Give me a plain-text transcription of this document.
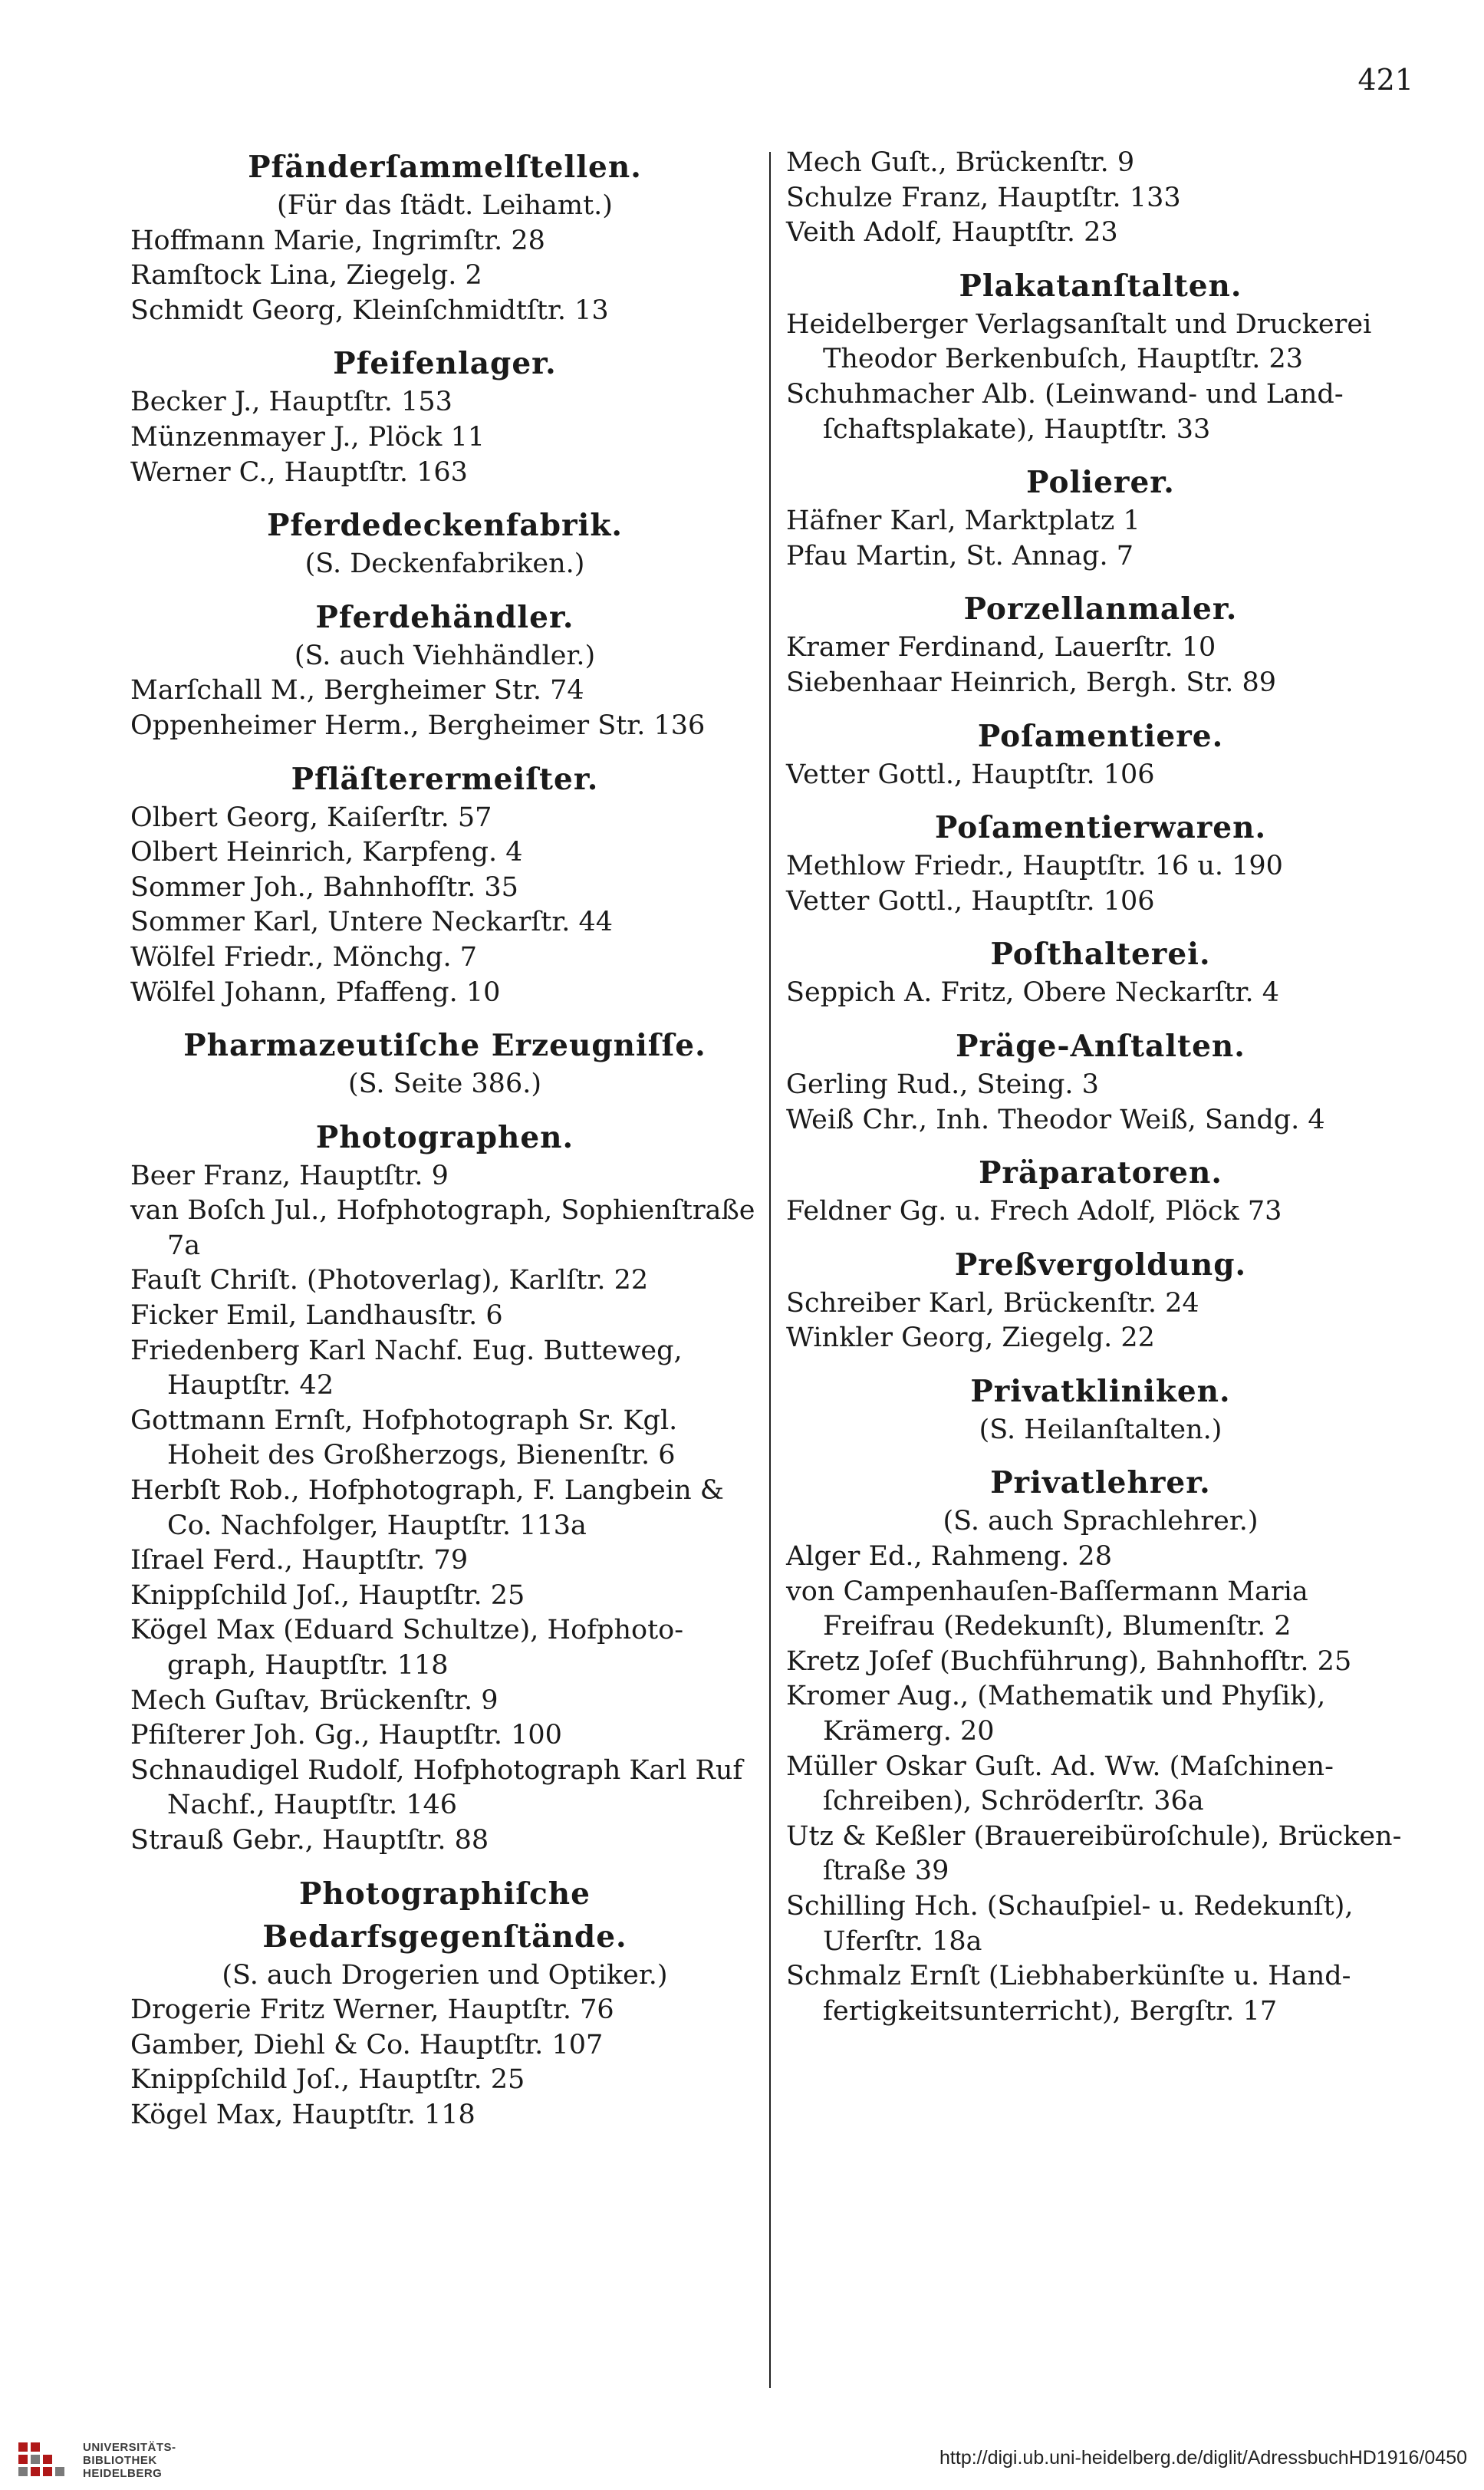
421
Pfänderſammelſtellen.
(Für das ſtädt. Leihamt.)
Hoffmann Marie, Ingrimſtr. 28
Ramſtock Lina, Ziegelg. 2
Schmidt Georg, Kleinſchmidtſtr. 13
Pfeifenlager.
Becker J., Hauptſtr. 153
Münzenmayer J., Plöck 11
Werner C., Hauptſtr. 163
Pferdedeckenfabrik.
(S. Deckenfabriken.)
Pferdehändler.
(S. auch Viehhändler.)
Marſchall M., Bergheimer Str. 74
Oppenheimer Herm., Bergheimer Str. 136
Pfläſterermeiſter.
Olbert Georg, Kaiſerſtr. 57
Olbert Heinrich, Karpfeng. 4
Sommer Joh., Bahnhofſtr. 35
Sommer Karl, Untere Neckarſtr. 44
Wölfel Friedr., Mönchg. 7
Wölfel Johann, Pfaffeng. 10
Pharmazeutiſche Erzeugniſſe.
(S. Seite 386.)
Photographen.
Beer Franz, Hauptſtr. 9
van Boſch Jul., Hofphotograph, Sophienſtraße 7a
Fauſt Chriſt. (Photoverlag), Karlſtr. 22
Ficker Emil, Landhausſtr. 6
Friedenberg Karl Nachf. Eug. Butteweg, Hauptſtr. 42
Gottmann Ernſt, Hofphotograph Sr. Kgl. Hoheit des Großherzogs, Bienenſtr. 6
Herbſt Rob., Hofphotograph, F. Langbein & Co. Nachfolger, Hauptſtr. 113a
Iſrael Ferd., Hauptſtr. 79
Knippſchild Joſ., Hauptſtr. 25
Kögel Max (Eduard Schultze), Hofphotograph, Hauptſtr. 118
Mech Guſtav, Brückenſtr. 9
Pfiſterer Joh. Gg., Hauptſtr. 100
Schnaudigel Rudolf, Hofphotograph Karl Ruf Nachf., Hauptſtr. 146
Strauß Gebr., Hauptſtr. 88
Photographiſche Bedarfsgegenſtände.
(S. auch Drogerien und Optiker.)
Drogerie Fritz Werner, Hauptſtr. 76
Gamber, Diehl & Co. Hauptſtr. 107
Knippſchild Joſ., Hauptſtr. 25
Kögel Max, Hauptſtr. 118
Mech Guſt., Brückenſtr. 9
Schulze Franz, Hauptſtr. 133
Veith Adolf, Hauptſtr. 23
Plakatanſtalten.
Heidelberger Verlagsanſtalt und Druckerei Theodor Berkenbuſch, Hauptſtr. 23
Schuhmacher Alb. (Leinwand- und Landſchaftsplakate), Hauptſtr. 33
Polierer.
Häfner Karl, Marktplatz 1
Pfau Martin, St. Annag. 7
Porzellanmaler.
Kramer Ferdinand, Lauerſtr. 10
Siebenhaar Heinrich, Bergh. Str. 89
Poſamentiere.
Vetter Gottl., Hauptſtr. 106
Poſamentierwaren.
Methlow Friedr., Hauptſtr. 16 u. 190
Vetter Gottl., Hauptſtr. 106
Poſthalterei.
Seppich A. Fritz, Obere Neckarſtr. 4
Präge-Anſtalten.
Gerling Rud., Steing. 3
Weiß Chr., Inh. Theodor Weiß, Sandg. 4
Präparatoren.
Feldner Gg. u. Frech Adolf, Plöck 73
Preßvergoldung.
Schreiber Karl, Brückenſtr. 24
Winkler Georg, Ziegelg. 22
Privatkliniken.
(S. Heilanſtalten.)
Privatlehrer.
(S. auch Sprachlehrer.)
Alger Ed., Rahmeng. 28
von Campenhauſen-Baſſermann Maria Freifrau (Redekunſt), Blumenſtr. 2
Kretz Joſef (Buchführung), Bahnhofſtr. 25
Kromer Aug., (Mathematik und Phyſik), Krämerg. 20
Müller Oskar Guſt. Ad. Ww. (Maſchinenſchreiben), Schröderſtr. 36a
Utz & Keßler (Brauereibüroſchule), Brückenſtraße 39
Schilling Hch. (Schauſpiel- u. Redekunſt), Uferſtr. 18a
Schmalz Ernſt (Liebhaberkünſte u. Handfertigkeitsunterricht), Bergſtr. 17
UNIVERSITÄTS-
BIBLIOTHEK
HEIDELBERG
http://digi.ub.uni-heidelberg.de/diglit/AdressbuchHD1916/0450
